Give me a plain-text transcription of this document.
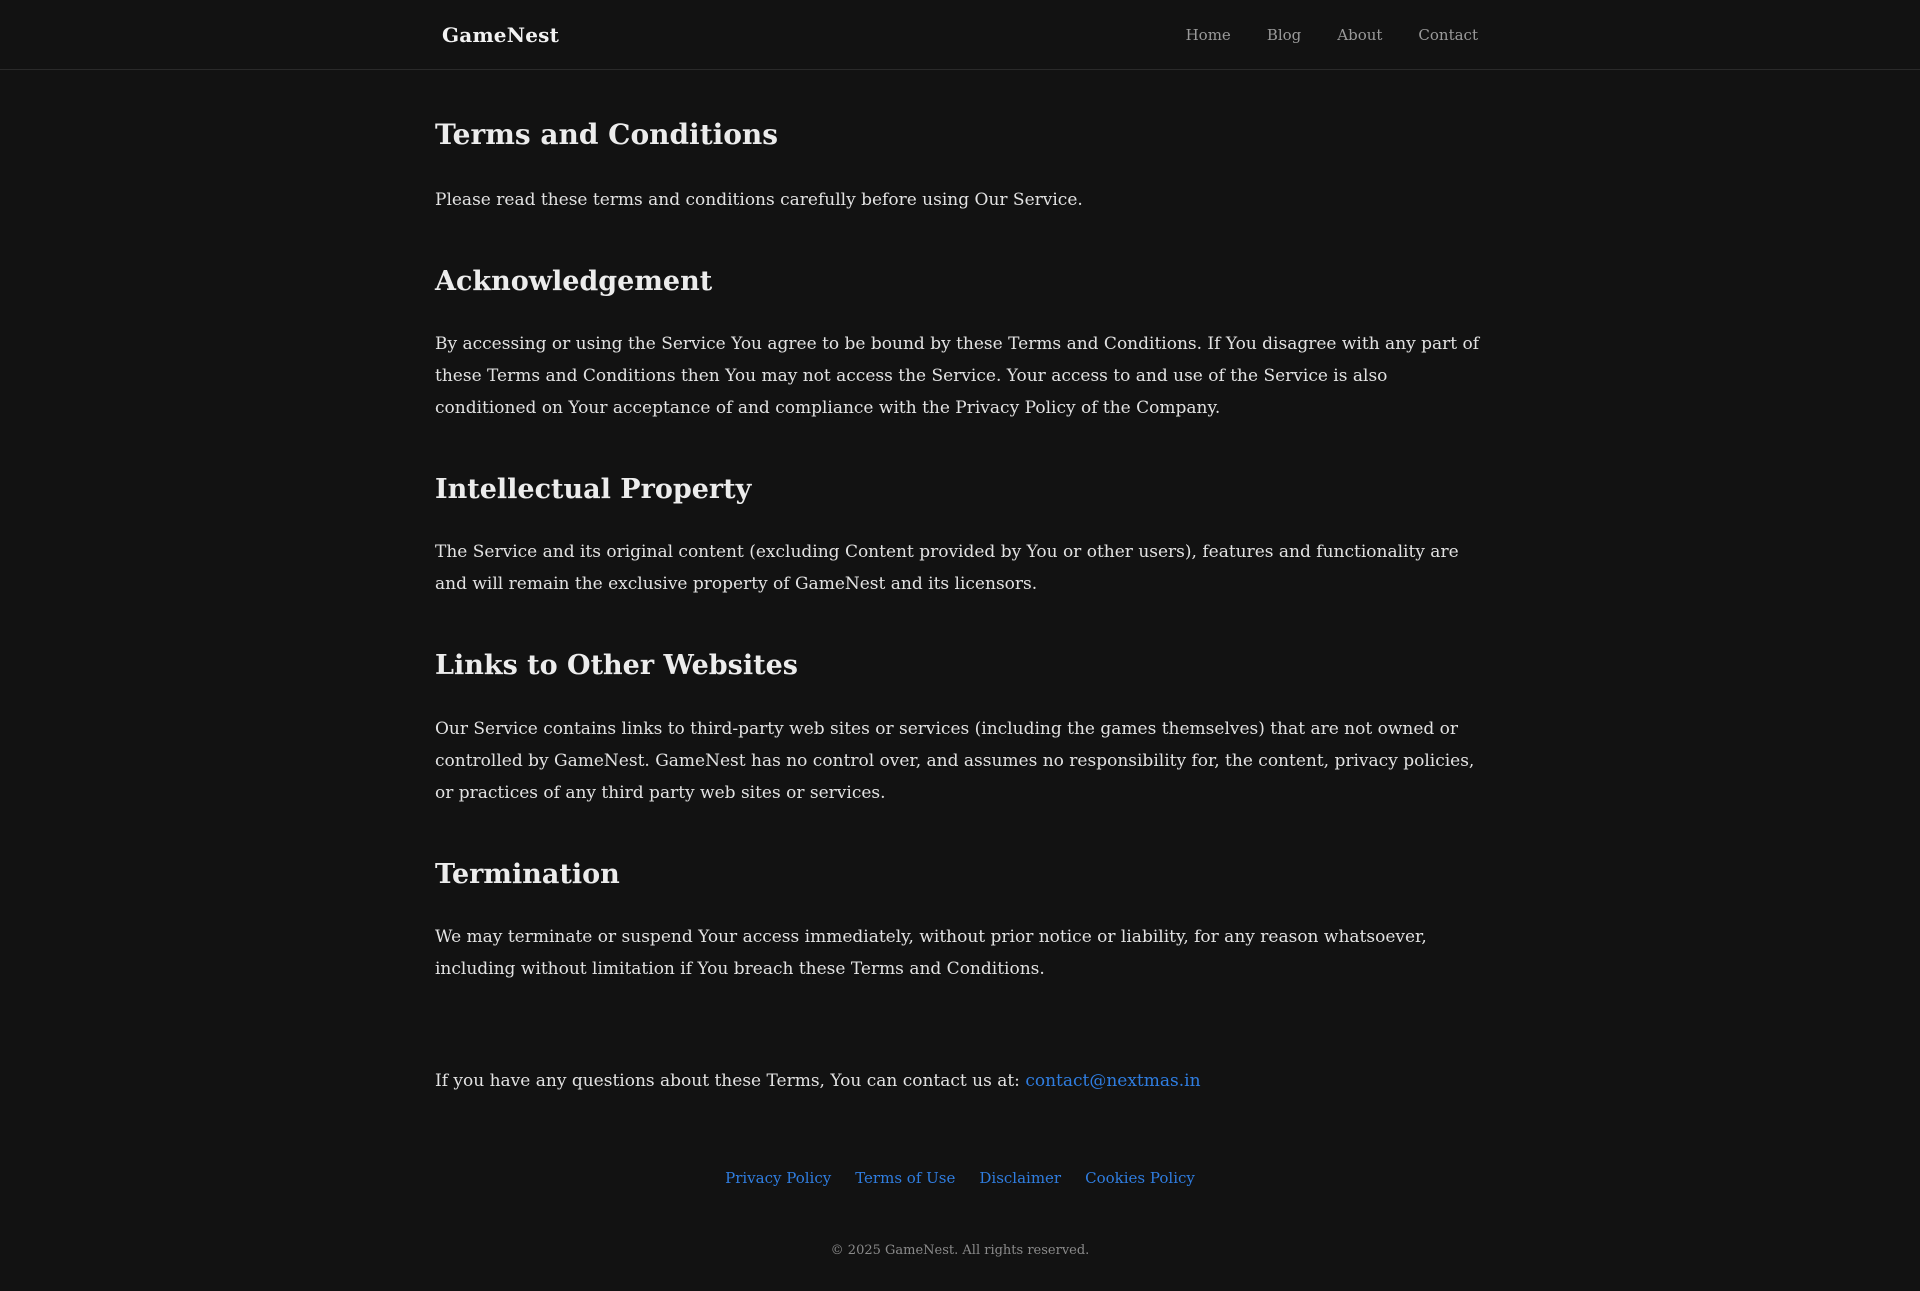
GameNest	Home Blog About Contact
Terms and Conditions

Please read these terms and conditions carefully before using Our Service.

Acknowledgement

By accessing or using the Service You agree to be bound by these Terms and Conditions. If You disagree with any part of these Terms and Conditions then You may not access the Service. Your access to and use of the Service is also conditioned on Your acceptance of and compliance with the Privacy Policy of the Company.

Intellectual Property

The Service and its original content (excluding Content provided by You or other users), features and functionality are and will remain the exclusive property of GameNest and its licensors.

Links to Other Websites

Our Service contains links to third-party web sites or services (including the games themselves) that are not owned or controlled by GameNest. GameNest has no control over, and assumes no responsibility for, the content, privacy policies, or practices of any third party web sites or services.

Termination

We may terminate or suspend Your access immediately, without prior notice or liability, for any reason whatsoever, including without limitation if You breach these Terms and Conditions.

If you have any questions about these Terms, You can contact us at: contact@nextmas.in

Privacy Policy Terms of Use Disclaimer Cookies Policy
© 2025 GameNest. All rights reserved.
